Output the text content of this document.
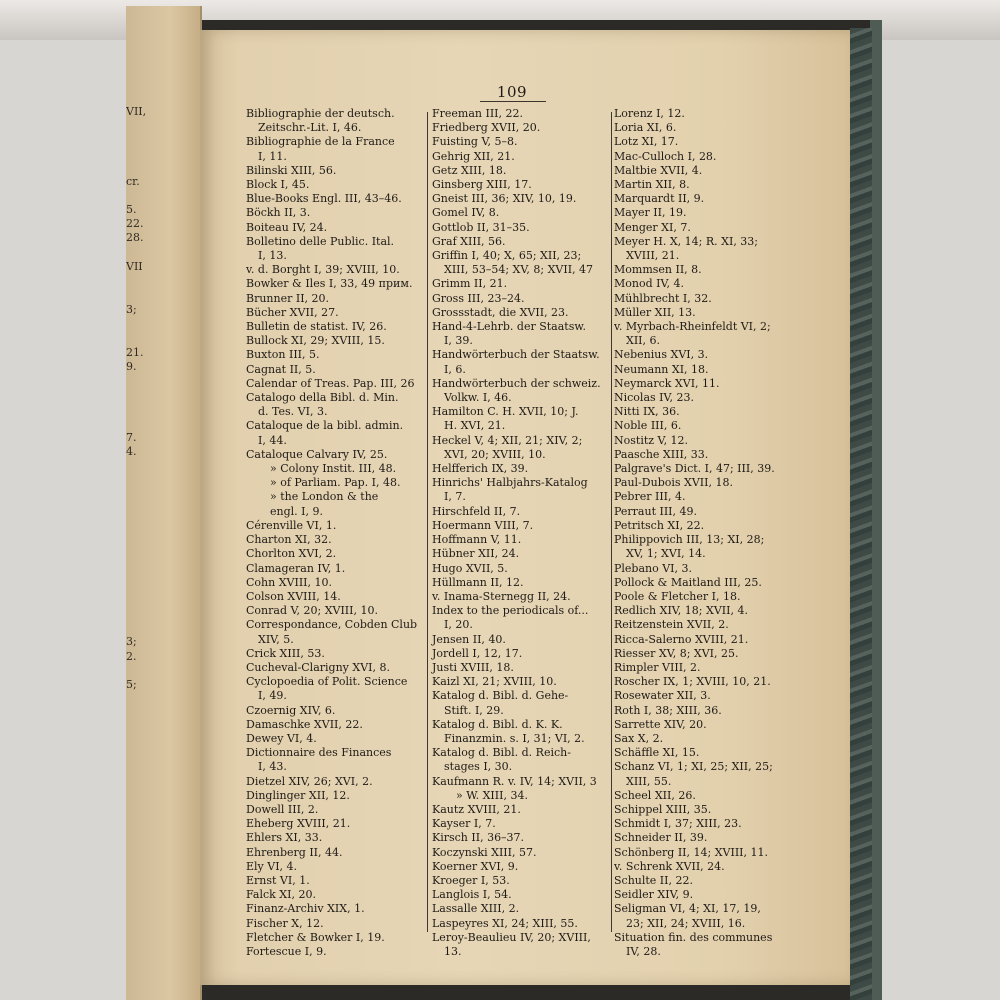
VII,
cr.
5.
22.
28.
VII
3;
21.
9.
7.
4.
3;
2.
5;
109
Bibliographie der deutsch.
Zeitschr.-Lit. I, 46.
Bibliographie de la France
I, 11.
Bilinski XIII, 56.
Block I, 45.
Blue-Books Engl. III, 43–46.
Böckh II, 3.
Boiteau IV, 24.
Bolletino delle Public. Ital.
I, 13.
v. d. Borght I, 39; XVIII, 10.
Bowker & Iles I, 33, 49 прим.
Brunner II, 20.
Bücher XVII, 27.
Bulletin de statist. IV, 26.
Bullock XI, 29; XVIII, 15.
Buxton III, 5.
Cagnat II, 5.
Calendar of Treas. Pap. III, 26
Catalogo della Bibl. d. Min.
d. Tes. VI, 3.
Cataloque de la bibl. admin.
I, 44.
Cataloque Calvary IV, 25.
» Colony Instit. III, 48.
» of Parliam. Pap. I, 48.
» the London & the
engl. I, 9.
Cérenville VI, 1.
Charton XI, 32.
Chorlton XVI, 2.
Clamageran IV, 1.
Cohn XVIII, 10.
Colson XVIII, 14.
Conrad V, 20; XVIII, 10.
Correspondance, Cobden Club
XIV, 5.
Crick XIII, 53.
Cucheval-Clarigny XVI, 8.
Cyclopoedia of Polit. Science
I, 49.
Czoernig XIV, 6.
Damaschke XVII, 22.
Dewey VI, 4.
Dictionnaire des Finances
I, 43.
Dietzel XIV, 26; XVI, 2.
Dinglinger XII, 12.
Dowell III, 2.
Eheberg XVIII, 21.
Ehlers XI, 33.
Ehrenberg II, 44.
Ely VI, 4.
Ernst VI, 1.
Falck XI, 20.
Finanz-Archiv XIX, 1.
Fischer X, 12.
Fletcher & Bowker I, 19.
Fortescue I, 9.
Freeman III, 22.
Friedberg XVII, 20.
Fuisting V, 5–8.
Gehrig XII, 21.
Getz XIII, 18.
Ginsberg XIII, 17.
Gneist III, 36; XIV, 10, 19.
Gomel IV, 8.
Gottlob II, 31–35.
Graf XIII, 56.
Griffin I, 40; X, 65; XII, 23;
XIII, 53–54; XV, 8; XVII, 47
Grimm II, 21.
Gross III, 23–24.
Grossstadt, die XVII, 23.
Hand-4-Lehrb. der Staatsw.
I, 39.
Handwörterbuch der Staatsw.
I, 6.
Handwörterbuch der schweiz.
Volkw. I, 46.
Hamilton C. H. XVII, 10; J.
H. XVI, 21.
Heckel V, 4; XII, 21; XIV, 2;
XVI, 20; XVIII, 10.
Helfferich IX, 39.
Hinrichs' Halbjahrs-Katalog
I, 7.
Hirschfeld II, 7.
Hoermann VIII, 7.
Hoffmann V, 11.
Hübner XII, 24.
Hugo XVII, 5.
Hüllmann II, 12.
v. Inama-Sternegg II, 24.
Index to the periodicals of...
I, 20.
Jensen II, 40.
Jordell I, 12, 17.
Justi XVIII, 18.
Kaizl XI, 21; XVIII, 10.
Katalog d. Bibl. d. Gehe-
Stift. I, 29.
Katalog d. Bibl. d. K. K.
Finanzmin. s. I, 31; VI, 2.
Katalog d. Bibl. d. Reich-
stages I, 30.
Kaufmann R. v. IV, 14; XVII, 3
» W. XIII, 34.
Kautz XVIII, 21.
Kayser I, 7.
Kirsch II, 36–37.
Koczynski XIII, 57.
Koerner XVI, 9.
Kroeger I, 53.
Langlois I, 54.
Lassalle XIII, 2.
Laspeyres XI, 24; XIII, 55.
Leroy-Beaulieu IV, 20; XVIII,
13.
Lorenz I, 12.
Loria XI, 6.
Lotz XI, 17.
Mac-Culloch I, 28.
Maltbie XVII, 4.
Martin XII, 8.
Marquardt II, 9.
Mayer II, 19.
Menger XI, 7.
Meyer H. X, 14; R. XI, 33;
XVIII, 21.
Mommsen II, 8.
Monod IV, 4.
Mühlbrecht I, 32.
Müller XII, 13.
v. Myrbach-Rheinfeldt VI, 2;
XII, 6.
Nebenius XVI, 3.
Neumann XI, 18.
Neymarck XVI, 11.
Nicolas IV, 23.
Nitti IX, 36.
Noble III, 6.
Nostitz V, 12.
Paasche XIII, 33.
Palgrave's Dict. I, 47; III, 39.
Paul-Dubois XVII, 18.
Pebrer III, 4.
Perraut III, 49.
Petritsch XI, 22.
Philippovich III, 13; XI, 28;
XV, 1; XVI, 14.
Plebano VI, 3.
Pollock & Maitland III, 25.
Poole & Fletcher I, 18.
Redlich XIV, 18; XVII, 4.
Reitzenstein XVII, 2.
Ricca-Salerno XVIII, 21.
Riesser XV, 8; XVI, 25.
Rimpler VIII, 2.
Roscher IX, 1; XVIII, 10, 21.
Rosewater XII, 3.
Roth I, 38; XIII, 36.
Sarrette XIV, 20.
Sax X, 2.
Schäffle XI, 15.
Schanz VI, 1; XI, 25; XII, 25;
XIII, 55.
Scheel XII, 26.
Schippel XIII, 35.
Schmidt I, 37; XIII, 23.
Schneider II, 39.
Schönberg II, 14; XVIII, 11.
v. Schrenk XVII, 24.
Schulte II, 22.
Seidler XIV, 9.
Seligman VI, 4; XI, 17, 19,
23; XII, 24; XVIII, 16.
Situation fin. des communes
IV, 28.
